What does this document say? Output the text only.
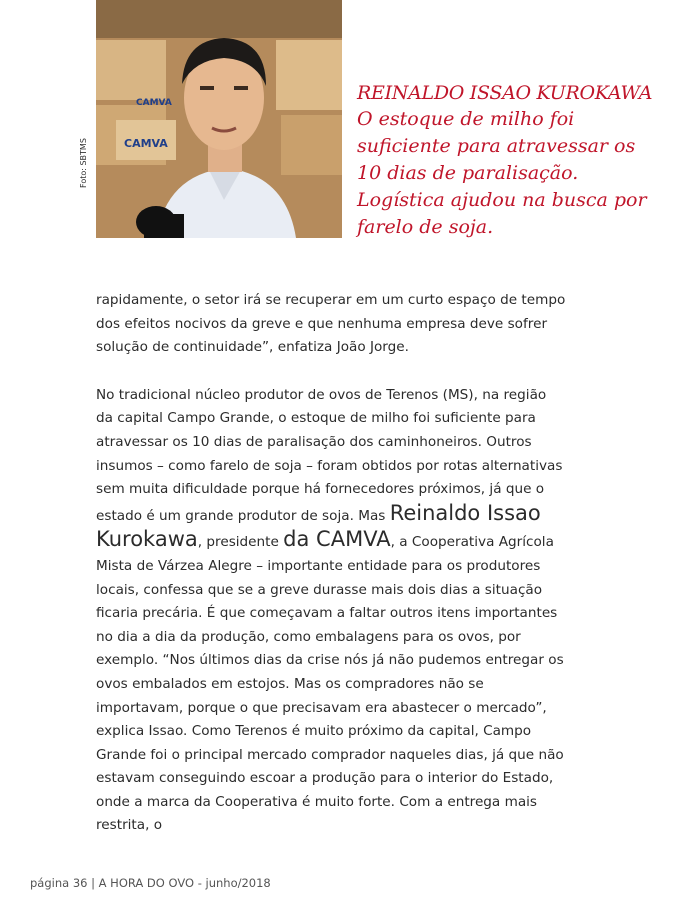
CAMVA
CAMVA
Foto: SBTMS
REINALDO ISSAO KUROKAWA
O estoque de milho foi suficiente para atravessar os 10 dias de paralisação. Logística ajudou na busca por farelo de soja.

rapidamente, o setor irá se recuperar em um curto espaço de tempo dos efeitos nocivos da greve e que nenhuma empresa deve sofrer solução de continuidade”, enfatiza João Jorge.

No tradicional núcleo produtor de ovos de Terenos (MS), na região da capital Campo Grande, o estoque de milho foi suficiente para atravessar os 10 dias de paralisação dos caminhoneiros. Outros insumos – como farelo de soja – foram obtidos por rotas alternativas sem muita dificuldade porque há fornecedores próximos, já que o estado é um grande produtor de soja. Mas Reinaldo Issao Kurokawa, presidente da CAMVA, a Cooperativa Agrícola Mista de Várzea Alegre – importante entidade para os produtores locais, confessa que se a greve durasse mais dois dias a situação ficaria precária. É que começavam a faltar outros itens importantes no dia a dia da produção, como embalagens para os ovos, por exemplo. “Nos últimos dias da crise nós já não pudemos entregar os ovos embalados em estojos. Mas os compradores não se importavam, porque o que precisavam era abastecer o mercado”, explica Issao. Como Terenos é muito próximo da capital, Campo Grande foi o principal mercado comprador naqueles dias, já que não estavam conseguindo escoar a produção para o interior do Estado, onde a marca da Cooperativa é muito forte. Com a entrega mais restrita, o

página 36 | A HORA DO OVO - junho/2018
